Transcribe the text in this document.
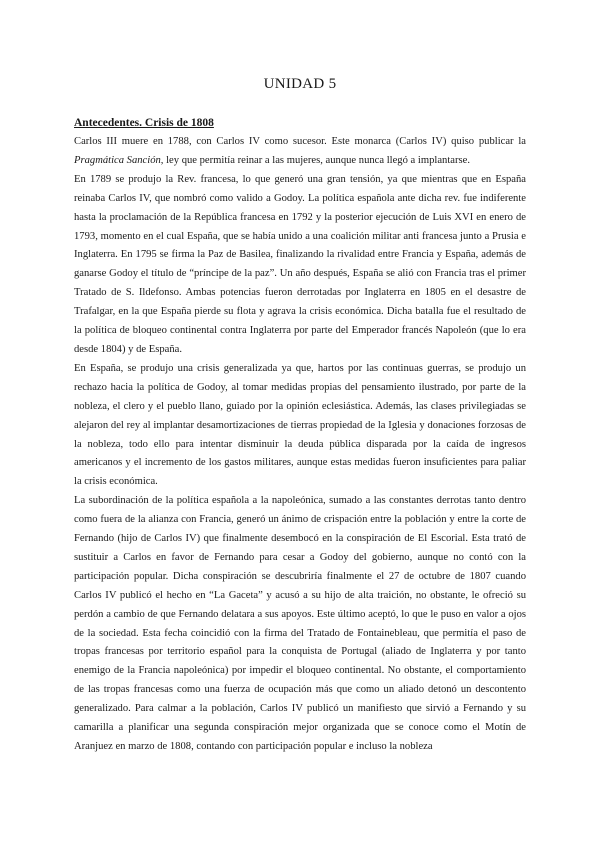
UNIDAD 5
Antecedentes. Crisis de 1808

Carlos III muere en 1788, con Carlos IV como sucesor. Este monarca (Carlos IV) quiso publicar la Pragmática Sanción, ley que permitía reinar a las mujeres, aunque nunca llegó a implantarse.

En 1789 se produjo la Rev. francesa, lo que generó una gran tensión, ya que mientras que en España reinaba Carlos IV, que nombró como valido a Godoy. La política española ante dicha rev. fue indiferente hasta la proclamación de la República francesa en 1792 y la posterior ejecución de Luis XVI en enero de 1793, momento en el cual España, que se había unido a una coalición militar anti francesa junto a Prusia e Inglaterra. En 1795 se firma la Paz de Basilea, finalizando la rivalidad entre Francia y España, además de ganarse Godoy el título de “príncipe de la paz”. Un año después, España se alió con Francia tras el primer Tratado de S. Ildefonso. Ambas potencias fueron derrotadas por Inglaterra en 1805 en el desastre de Trafalgar, en la que España pierde su flota y agrava la crisis económica. Dicha batalla fue el resultado de la política de bloqueo continental contra Inglaterra por parte del Emperador francés Napoleón (que lo era desde 1804) y de España.

En España, se produjo una crisis generalizada ya que, hartos por las continuas guerras, se produjo un rechazo hacia la política de Godoy, al tomar medidas propias del pensamiento ilustrado, por parte de la nobleza, el clero y el pueblo llano, guiado por la opinión eclesiástica. Además, las clases privilegiadas se alejaron del rey al implantar desamortizaciones de tierras propiedad de la Iglesia y donaciones forzosas de la nobleza, todo ello para intentar disminuir la deuda pública disparada por la caída de ingresos americanos y el incremento de los gastos militares, aunque estas medidas fueron insuficientes para paliar la crisis económica.

La subordinación de la política española a la napoleónica, sumado a las constantes derrotas tanto dentro como fuera de la alianza con Francia, generó un ánimo de crispación entre la población y entre la corte de Fernando (hijo de Carlos IV) que finalmente desembocó en la conspiración de El Escorial. Esta trató de sustituir a Carlos en favor de Fernando para cesar a Godoy del gobierno, aunque no contó con la participación popular. Dicha conspiración se descubriría finalmente el 27 de octubre de 1807 cuando Carlos IV publicó el hecho en “La Gaceta” y acusó a su hijo de alta traición, no obstante, le ofreció su perdón a cambio de que Fernando delatara a sus apoyos. Este último aceptó, lo que le puso en valor a ojos de la sociedad. Esta fecha coincidió con la firma del Tratado de Fontainebleau, que permitía el paso de tropas francesas por territorio español para la conquista de Portugal (aliado de Inglaterra y por tanto enemigo de la Francia napoleónica) por impedir el bloqueo continental. No obstante, el comportamiento de las tropas francesas como una fuerza de ocupación más que como un aliado detonó un descontento generalizado. Para calmar a la población, Carlos IV publicó un manifiesto que sirvió a Fernando y su camarilla a planificar una segunda conspiración mejor organizada que se conoce como el Motín de Aranjuez en marzo de 1808, contando con participación popular e incluso la nobleza
